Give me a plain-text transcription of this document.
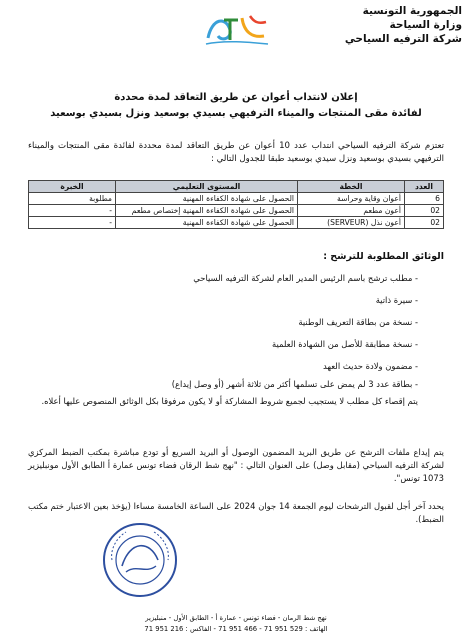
الجمهورية التونسية
وزارة السياحة
شركة الترفيه السياحي
إعلان لانتداب أعوان عن طريق التعاقد لمدة محددة
لفائدة مقى المنتجات والميناء الترفيهي بسيدي بوسعيد ونزل بسيدي بوسعيد
تعتزم شركة الترفيه السياحي انتداب عدد 10 أعوان عن طريق التعاقد لمدة محددة لفائدة مقى المنتجات والميناء الترفيهي بسيدي بوسعيد ونزل سيدي بوسعيد طبقا للجدول التالي :
العدد	الخطة	المستوى التعليمي	الخبرة
6	أعوان وقاية وحراسة	الحصول على شهادة الكفاءة المهنية	مطلوبة
02	أعون مطعم	الحصول على شهادة الكفاءة المهنية إختصاص مطعم	-
02	أعون نذل (SERVEUR)	الحصول على شهادة الكفاءة المهنية	-
الوثائق المطلوبة للترشح :
- مطلب ترشح باسم الرئيس المدير العام لشركة الترفيه السياحي
- سيرة ذاتية
- نسخة من بطاقة التعريف الوطنية
- نسخة مطابقة للأصل من الشهادة العلمية
- مضمون ولادة حديث العهد
- بطاقة عدد 3 لم يمض على تسلمها أكثر من ثلاثة أشهر (أو وصل إيداع)
يتم إقصاء كل مطلب لا يستجيب لجميع شروط المشاركة أو لا يكون مرفوقا بكل الوثائق المنصوص عليها أعلاه.
يتم إيداع ملفات الترشح عن طريق البريد المضمون الوصول أو البريد السريع أو تودع مباشرة بمكتب الضبط المركزي لشركة الترفيه السياحي (مقابل وصل) على العنوان التالي : "نهج شط الرقان فضاء تونس عمارة أ الطابق الأول مونبليزير 1073 تونس".
يحدد آخر أجل لقبول الترشحات ليوم الجمعة 14 جوان 2024 على الساعة الخامسة مساءا (يؤخذ بعين الاعتبار ختم مكتب الضبط).
نهج شط الرمان - فضاء تونس - عمارة أ - الطابق الأول - منبليزير
الهاتف : 529 951 71 - 466 951 71 - الفاكس : 216 951 71
